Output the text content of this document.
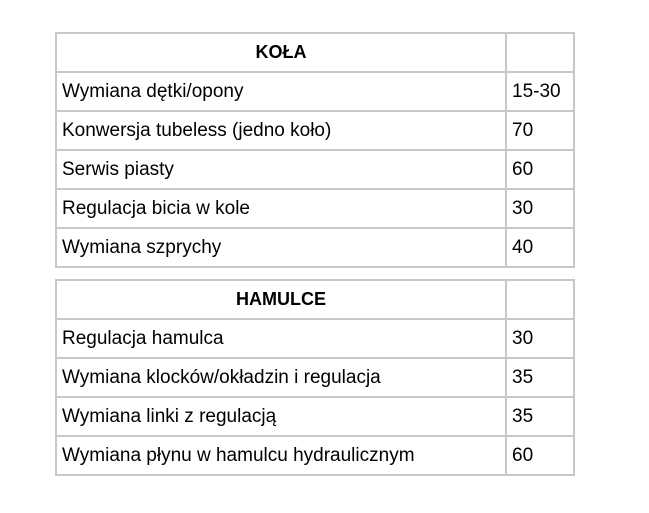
KOŁA	
Wymiana dętki/opony	15-30
Konwersja tubeless (jedno koło)	70
Serwis piasty	60
Regulacja bicia w kole	30
Wymiana szprychy	40
HAMULCE	
Regulacja hamulca	30
Wymiana klocków/okładzin i regulacja	35
Wymiana linki z regulacją	35
Wymiana płynu w hamulcu hydraulicznym	60
